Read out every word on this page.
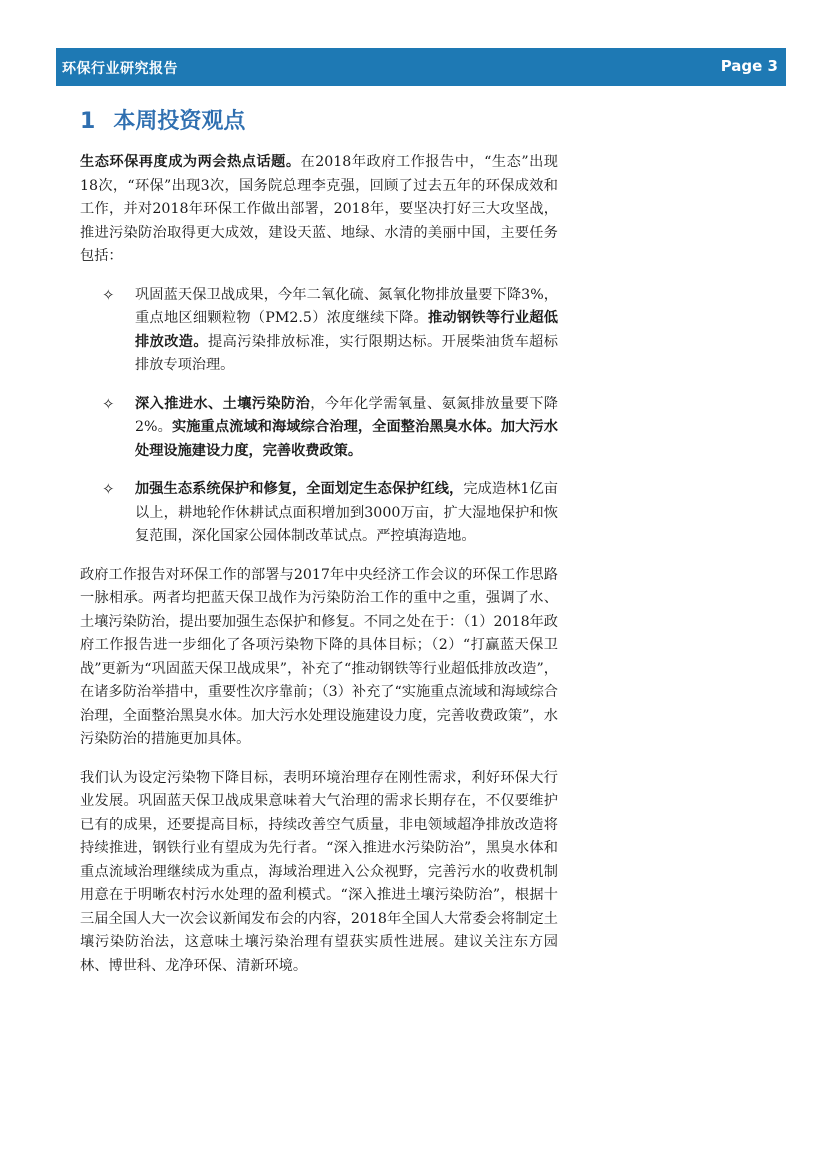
环保行业研究报告	Page 3
1 本周投资观点

生态环保再度成为两会热点话题。在2018年政府工作报告中，“生态”出现18次，“环保”出现3次，国务院总理李克强，回顾了过去五年的环保成效和工作，并对2018年环保工作做出部署，2018年，要坚决打好三大攻坚战，推进污染防治取得更大成效，建设天蓝、地绿、水清的美丽中国，主要任务包括：

✧ 巩固蓝天保卫战成果，今年二氧化硫、氮氧化物排放量要下降3%，重点地区细颗粒物（PM2.5）浓度继续下降。推动钢铁等行业超低排放改造。提高污染排放标准，实行限期达标。开展柴油货车超标排放专项治理。
✧ 深入推进水、土壤污染防治，今年化学需氧量、氨氮排放量要下降2%。实施重点流域和海域综合治理，全面整治黑臭水体。加大污水处理设施建设力度，完善收费政策。
✧ 加强生态系统保护和修复，全面划定生态保护红线，完成造林1亿亩以上，耕地轮作休耕试点面积增加到3000万亩，扩大湿地保护和恢复范围，深化国家公园体制改革试点。严控填海造地。

政府工作报告对环保工作的部署与2017年中央经济工作会议的环保工作思路一脉相承。两者均把蓝天保卫战作为污染防治工作的重中之重，强调了水、土壤污染防治，提出要加强生态保护和修复。不同之处在于：（1）2018年政府工作报告进一步细化了各项污染物下降的具体目标；（2）“打赢蓝天保卫战”更新为“巩固蓝天保卫战成果”，补充了“推动钢铁等行业超低排放改造”，在诸多防治举措中，重要性次序靠前；（3）补充了“实施重点流域和海域综合治理，全面整治黑臭水体。加大污水处理设施建设力度，完善收费政策”，水污染防治的措施更加具体。

我们认为设定污染物下降目标，表明环境治理存在刚性需求，利好环保大行业发展。巩固蓝天保卫战成果意味着大气治理的需求长期存在，不仅要维护已有的成果，还要提高目标，持续改善空气质量，非电领域超净排放改造将持续推进，钢铁行业有望成为先行者。“深入推进水污染防治”，黑臭水体和重点流域治理继续成为重点，海域治理进入公众视野，完善污水的收费机制用意在于明晰农村污水处理的盈利模式。“深入推进土壤污染防治”，根据十三届全国人大一次会议新闻发布会的内容，2018年全国人大常委会将制定土壤污染防治法，这意味土壤污染治理有望获实质性进展。建议关注东方园林、博世科、龙净环保、清新环境。
